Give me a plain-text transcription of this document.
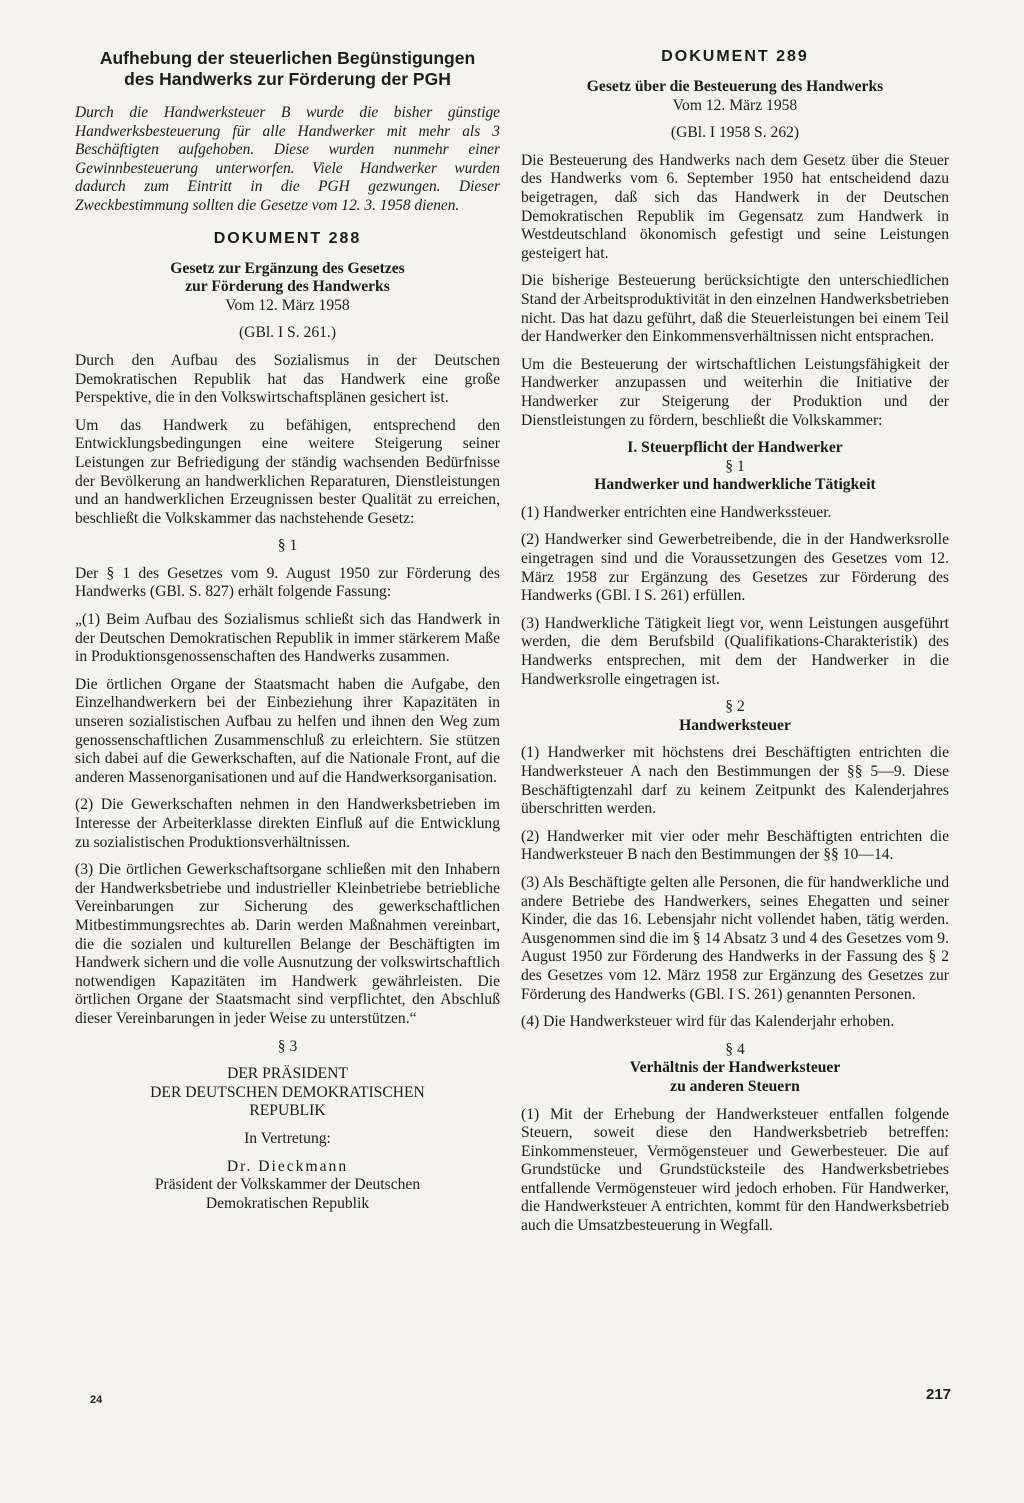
Aufhebung der steuerlichen Begünstigungen
des Handwerks zur Förderung der PGH

Durch die Handwerksteuer B wurde die bisher günstige Handwerksbesteuerung für alle Handwerker mit mehr als 3 Beschäftigten aufgehoben. Diese wurden nunmehr einer Gewinnbesteuerung unterworfen. Viele Handwerker wurden dadurch zum Eintritt in die PGH gezwungen. Dieser Zweckbestimmung sollten die Gesetze vom 12. 3. 1958 dienen.

DOKUMENT 288

Gesetz zur Ergänzung des Gesetzes

zur Förderung des Handwerks

Vom 12. März 1958

(GBl. I S. 261.)

Durch den Aufbau des Sozialismus in der Deutschen Demokratischen Republik hat das Handwerk eine große Perspektive, die in den Volkswirtschaftsplänen gesichert ist.

Um das Handwerk zu befähigen, entsprechend den Entwicklungsbedingungen eine weitere Steigerung seiner Leistungen zur Befriedigung der ständig wachsenden Bedürfnisse der Bevölkerung an handwerklichen Reparaturen, Dienstleistungen und an handwerklichen Erzeugnissen bester Qualität zu erreichen, beschließt die Volkskammer das nachstehende Gesetz:

§ 1

Der § 1 des Gesetzes vom 9. August 1950 zur Förderung des Handwerks (GBl. S. 827) erhält folgende Fassung:

„(1) Beim Aufbau des Sozialismus schließt sich das Handwerk in der Deutschen Demokratischen Republik in immer stärkerem Maße in Produktionsgenossenschaften des Handwerks zusammen.

Die örtlichen Organe der Staatsmacht haben die Aufgabe, den Einzelhandwerkern bei der Einbeziehung ihrer Kapazitäten in unseren sozialistischen Aufbau zu helfen und ihnen den Weg zum genossenschaftlichen Zusammenschluß zu erleichtern. Sie stützen sich dabei auf die Gewerkschaften, auf die Nationale Front, auf die anderen Massenorganisationen und auf die Handwerksorganisation.

(2) Die Gewerkschaften nehmen in den Handwerksbetrieben im Interesse der Arbeiterklasse direkten Einfluß auf die Entwicklung zu sozialistischen Produktionsverhältnissen.

(3) Die örtlichen Gewerkschaftsorgane schließen mit den Inhabern der Handwerksbetriebe und industrieller Kleinbetriebe betriebliche Vereinbarungen zur Sicherung des gewerkschaftlichen Mitbestimmungsrechtes ab. Darin werden Maßnahmen vereinbart, die die sozialen und kulturellen Belange der Beschäftigten im Handwerk sichern und die volle Ausnutzung der volkswirtschaftlich notwendigen Kapazitäten im Handwerk gewährleisten. Die örtlichen Organe der Staatsmacht sind verpflichtet, den Abschluß dieser Vereinbarungen in jeder Weise zu unterstützen.“

§ 3

DER PRÄSIDENT

DER DEUTSCHEN DEMOKRATISCHEN

REPUBLIK

In Vertretung:

Dr. Dieckmann

Präsident der Volkskammer der Deutschen

Demokratischen Republik

DOKUMENT 289

Gesetz über die Besteuerung des Handwerks

Vom 12. März 1958

(GBl. I 1958 S. 262)

Die Besteuerung des Handwerks nach dem Gesetz über die Steuer des Handwerks vom 6. September 1950 hat entscheidend dazu beigetragen, daß sich das Handwerk in der Deutschen Demokratischen Republik im Gegensatz zum Handwerk in Westdeutschland ökonomisch gefestigt und seine Leistungen gesteigert hat.

Die bisherige Besteuerung berücksichtigte den unterschiedlichen Stand der Arbeitsproduktivität in den einzelnen Handwerksbetrieben nicht. Das hat dazu geführt, daß die Steuerleistungen bei einem Teil der Handwerker den Einkommensverhältnissen nicht entsprachen.

Um die Besteuerung der wirtschaftlichen Leistungsfähigkeit der Handwerker anzupassen und weiterhin die Initiative der Handwerker zur Steigerung der Produktion und der Dienstleistungen zu fördern, beschließt die Volkskammer:

I. Steuerpflicht der Handwerker

§ 1

Handwerker und handwerkliche Tätigkeit

(1) Handwerker entrichten eine Handwerkssteuer.

(2) Handwerker sind Gewerbetreibende, die in der Handwerksrolle eingetragen sind und die Voraussetzungen des Gesetzes vom 12. März 1958 zur Ergänzung des Gesetzes zur Förderung des Handwerks (GBl. I S. 261) erfüllen.

(3) Handwerkliche Tätigkeit liegt vor, wenn Leistungen ausgeführt werden, die dem Berufsbild (Qualifikations-Charakteristik) des Handwerks entsprechen, mit dem der Handwerker in die Handwerksrolle eingetragen ist.

§ 2

Handwerksteuer

(1) Handwerker mit höchstens drei Beschäftigten entrichten die Handwerksteuer A nach den Bestimmungen der §§ 5—9. Diese Beschäftigtenzahl darf zu keinem Zeitpunkt des Kalenderjahres überschritten werden.

(2) Handwerker mit vier oder mehr Beschäftigten entrichten die Handwerksteuer B nach den Bestimmungen der §§ 10—14.

(3) Als Beschäftigte gelten alle Personen, die für handwerkliche und andere Betriebe des Handwerkers, seines Ehegatten und seiner Kinder, die das 16. Lebensjahr nicht vollendet haben, tätig werden. Ausgenommen sind die im § 14 Absatz 3 und 4 des Gesetzes vom 9. August 1950 zur Förderung des Handwerks in der Fassung des § 2 des Gesetzes vom 12. März 1958 zur Ergänzung des Gesetzes zur Förderung des Handwerks (GBl. I S. 261) genannten Personen.

(4) Die Handwerksteuer wird für das Kalenderjahr erhoben.

§ 4

Verhältnis der Handwerksteuer

zu anderen Steuern

(1) Mit der Erhebung der Handwerksteuer entfallen folgende Steuern, soweit diese den Handwerksbetrieb betreffen: Einkommensteuer, Vermögensteuer und Gewerbesteuer. Die auf Grundstücke und Grundstücksteile des Handwerksbetriebes entfallende Vermögensteuer wird jedoch erhoben. Für Handwerker, die Handwerksteuer A entrichten, kommt für den Handwerksbetrieb auch die Umsatzbesteuerung in Wegfall.

24	217
